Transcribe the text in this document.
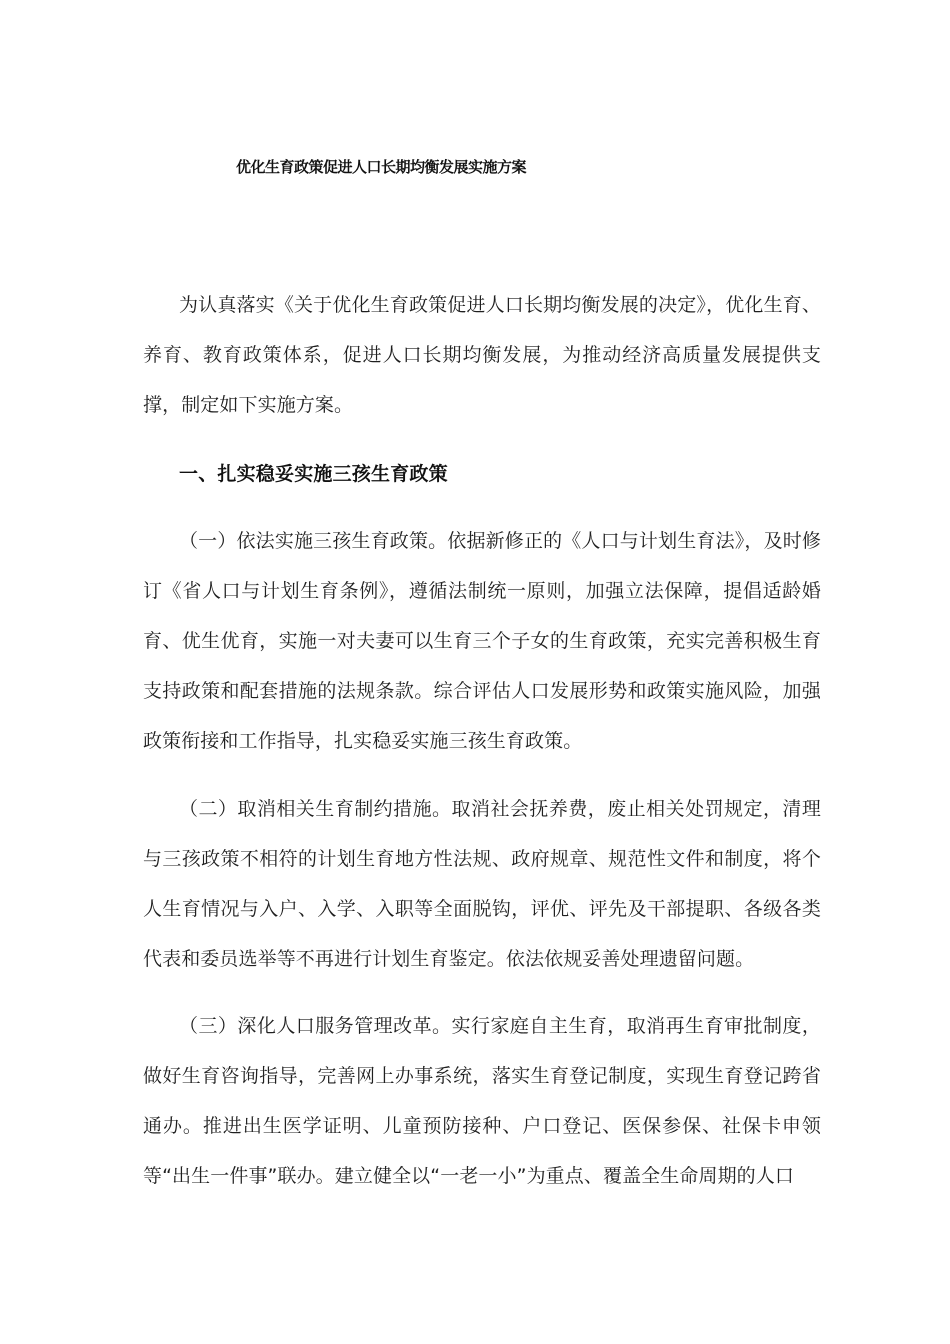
优化生育政策促进人口长期均衡发展实施方案

为认真落实《关于优化生育政策促进人口长期均衡发展的决定》，优化生育、养育、教育政策体系，促进人口长期均衡发展，为推动经济高质量发展提供支撑，制定如下实施方案。

一、扎实稳妥实施三孩生育政策

（一）依法实施三孩生育政策。依据新修正的《人口与计划生育法》，及时修订《省人口与计划生育条例》，遵循法制统一原则，加强立法保障，提倡适龄婚育、优生优育，实施一对夫妻可以生育三个子女的生育政策，充实完善积极生育支持政策和配套措施的法规条款。综合评估人口发展形势和政策实施风险，加强政策衔接和工作指导，扎实稳妥实施三孩生育政策。

（二）取消相关生育制约措施。取消社会抚养费，废止相关处罚规定，清理与三孩政策不相符的计划生育地方性法规、政府规章、规范性文件和制度，将个人生育情况与入户、入学、入职等全面脱钩，评优、评先及干部提职、各级各类代表和委员选举等不再进行计划生育鉴定。依法依规妥善处理遗留问题。

（三）深化人口服务管理改革。实行家庭自主生育，取消再生育审批制度，做好生育咨询指导，完善网上办事系统，落实生育登记制度，实现生育登记跨省通办。推进出生医学证明、儿童预防接种、户口登记、医保参保、社保卡申领等“出生一件事”联办。建立健全以“一老一小”为重点、覆盖全生命周期的人口
